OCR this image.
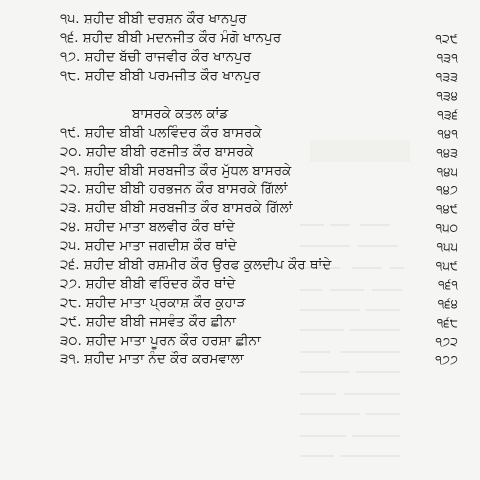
੧੫. ਸ਼ਹੀਦ ਬੀਬੀ ਦਰਸ਼ਨ ਕੌਰ ਖਾਨਪੁਰ
੧੬. ਸ਼ਹੀਦ ਬੀਬੀ ਮਦਨਜੀਤ ਕੌਰ ਮੰਗੋ ਖਾਨਪੁਰ	੧੨੯
੧੭. ਸ਼ਹੀਦ ਬੱਚੀ ਰਾਜਵੀਰ ਕੌਰ ਖਾਨਪੁਰ	੧੩੧
੧੮. ਸ਼ਹੀਦ ਬੀਬੀ ਪਰਮਜੀਤ ਕੌਰ ਖਾਨਪੁਰ	੧੩੩
੧੩੪
ਬਾਸਰਕੇ ਕਤਲ ਕਾਂਡ	੧੩੬
੧੯. ਸ਼ਹੀਦ ਬੀਬੀ ਪਲਵਿੰਦਰ ਕੌਰ ਬਾਸਰਕੇ	੧੪੧
੨੦. ਸ਼ਹੀਦ ਬੀਬੀ ਰਣਜੀਤ ਕੌਰ ਬਾਸਰਕੇ	੧੪੩
੨੧. ਸ਼ਹੀਦ ਬੀਬੀ ਸਰਬਜੀਤ ਕੌਰ ਮੁੱਧਲ ਬਾਸਰਕੇ	੧੪੫
੨੨. ਸ਼ਹੀਦ ਬੀਬੀ ਹਰਭਜਨ ਕੌਰ ਬਾਸਰਕੇ ਗਿੱਲਾਂ	੧੪੭
੨੩. ਸ਼ਹੀਦ ਬੀਬੀ ਸਰਬਜੀਤ ਕੌਰ ਬਾਸਰਕੇ ਗਿੱਲਾਂ	੧੪੯
੨੪. ਸ਼ਹੀਦ ਮਾਤਾ ਬਲਵੀਰ ਕੌਰ ਥਾਂਦੇ	੧੫੦
੨੫. ਸ਼ਹੀਦ ਮਾਤਾ ਜਗਦੀਸ਼ ਕੌਰ ਥਾਂਦੇ	੧੫੫
੨੬. ਸ਼ਹੀਦ ਬੀਬੀ ਰਸ਼ਮੀਰ ਕੌਰ ਉਰਫ ਕੁਲਦੀਪ ਕੌਰ ਥਾਂਦੇ	੧੫੯
੨੭. ਸ਼ਹੀਦ ਬੀਬੀ ਵਰਿੰਦਰ ਕੌਰ ਥਾਂਦੇ	੧੬੧
੨੮. ਸ਼ਹੀਦ ਮਾਤਾ ਪ੍ਰਕਾਸ਼ ਕੌਰ ਕੁਹਾੜ	੧੬੪
੨੯. ਸ਼ਹੀਦ ਬੀਬੀ ਜਸਵੰਤ ਕੌਰ ਛੀਨਾ	੧੬੮
੩੦. ਸ਼ਹੀਦ ਮਾਤਾ ਪੂਰਨ ਕੌਰ ਹਰਸ਼ਾ ਛੀਨਾ	੧੭੨
੩੧. ਸ਼ਹੀਦ ਮਾਤਾ ਨੰਦ ਕੌਰ ਕਰਮਵਾਲਾ	੧੭੭
